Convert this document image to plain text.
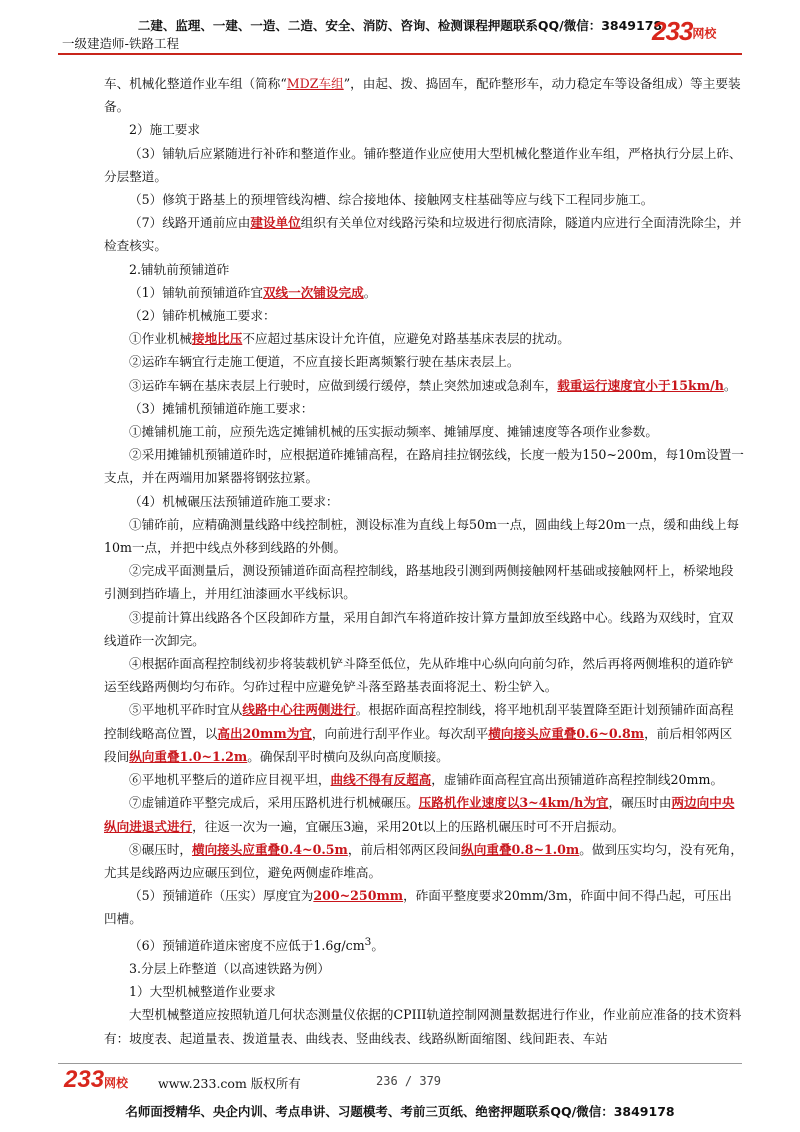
二建、监理、一建、一造、二造、安全、消防、咨询、检测课程押题联系QQ/微信：3849178
一级建造师-铁路工程	233网校

车、机械化整道作业车组（简称“MDZ车组”，由起、拨、捣固车，配砟整形车，动力稳定车等设备组成）等主要装备。

2）施工要求

（3）铺轨后应紧随进行补砟和整道作业。铺砟整道作业应使用大型机械化整道作业车组，严格执行分层上砟、分层整道。

（5）修筑于路基上的预埋管线沟槽、综合接地体、接触网支柱基础等应与线下工程同步施工。

（7）线路开通前应由建设单位组织有关单位对线路污染和垃圾进行彻底清除，隧道内应进行全面清洗除尘，并检查核实。

2.铺轨前预铺道砟

（1）铺轨前预铺道砟宜双线一次铺设完成。

（2）铺砟机械施工要求：

①作业机械接地比压不应超过基床设计允许值，应避免对路基基床表层的扰动。

②运砟车辆宜行走施工便道，不应直接长距离频繁行驶在基床表层上。

③运砟车辆在基床表层上行驶时，应做到缓行缓停，禁止突然加速或急刹车，载重运行速度宜小于15km/h。

（3）摊铺机预铺道砟施工要求：

①摊铺机施工前，应预先选定摊铺机械的压实振动频率、摊铺厚度、摊铺速度等各项作业参数。

②采用摊铺机预铺道砟时，应根据道砟摊铺高程，在路肩挂拉钢弦线，长度一般为150~200m，每10m设置一支点，并在两端用加紧器将钢弦拉紧。

（4）机械碾压法预铺道砟施工要求：

①铺砟前，应精确测量线路中线控制桩，测设标准为直线上每50m一点，圆曲线上每20m一点，缓和曲线上每10m一点，并把中线点外移到线路的外侧。

②完成平面测量后，测设预铺道砟面高程控制线，路基地段引测到两侧接触网杆基础或接触网杆上，桥梁地段引测到挡砟墙上，并用红油漆画水平线标识。

③提前计算出线路各个区段卸砟方量，采用自卸汽车将道砟按计算方量卸放至线路中心。线路为双线时，宜双线道砟一次卸完。

④根据砟面高程控制线初步将装载机铲斗降至低位，先从砟堆中心纵向向前匀砟，然后再将两侧堆积的道砟铲运至线路两侧均匀布砟。匀砟过程中应避免铲斗落至路基表面将泥土、粉尘铲入。

⑤平地机平砟时宜从线路中心往两侧进行。根据砟面高程控制线，将平地机刮平装置降至距计划预铺砟面高程控制线略高位置，以高出20mm为宜，向前进行刮平作业。每次刮平横向接头应重叠0.6~0.8m，前后相邻两区段间纵向重叠1.0~1.2m。确保刮平时横向及纵向高度顺接。

⑥平地机平整后的道砟应目视平坦，曲线不得有反超高，虚铺砟面高程宜高出预铺道砟高程控制线20mm。

⑦虚铺道砟平整完成后，采用压路机进行机械碾压。压路机作业速度以3~4km/h为宜，碾压时由两边向中央纵向进退式进行，往返一次为一遍，宜碾压3遍，采用20t以上的压路机碾压时可不开启振动。

⑧碾压时，横向接头应重叠0.4~0.5m，前后相邻两区段间纵向重叠0.8~1.0m。做到压实均匀，没有死角，尤其是线路两边应碾压到位，避免两侧虚砟堆高。

（5）预铺道砟（压实）厚度宜为200~250mm，砟面平整度要求20mm/3m，砟面中间不得凸起，可压出凹槽。

（6）预铺道砟道床密度不应低于$1.6g/cm^3$。

3.分层上砟整道（以高速铁路为例）

1）大型机械整道作业要求

大型机械整道应按照轨道几何状态测量仪依据的CPIII轨道控制网测量数据进行作业，作业前应准备的技术资料有：坡度表、起道量表、拨道量表、曲线表、竖曲线表、线路纵断面缩图、线间距表、车站

233网校 www.233.com 版权所有	236 / 379
名师面授精华、央企内训、考点串讲、习题模考、考前三页纸、绝密押题联系QQ/微信：3849178
